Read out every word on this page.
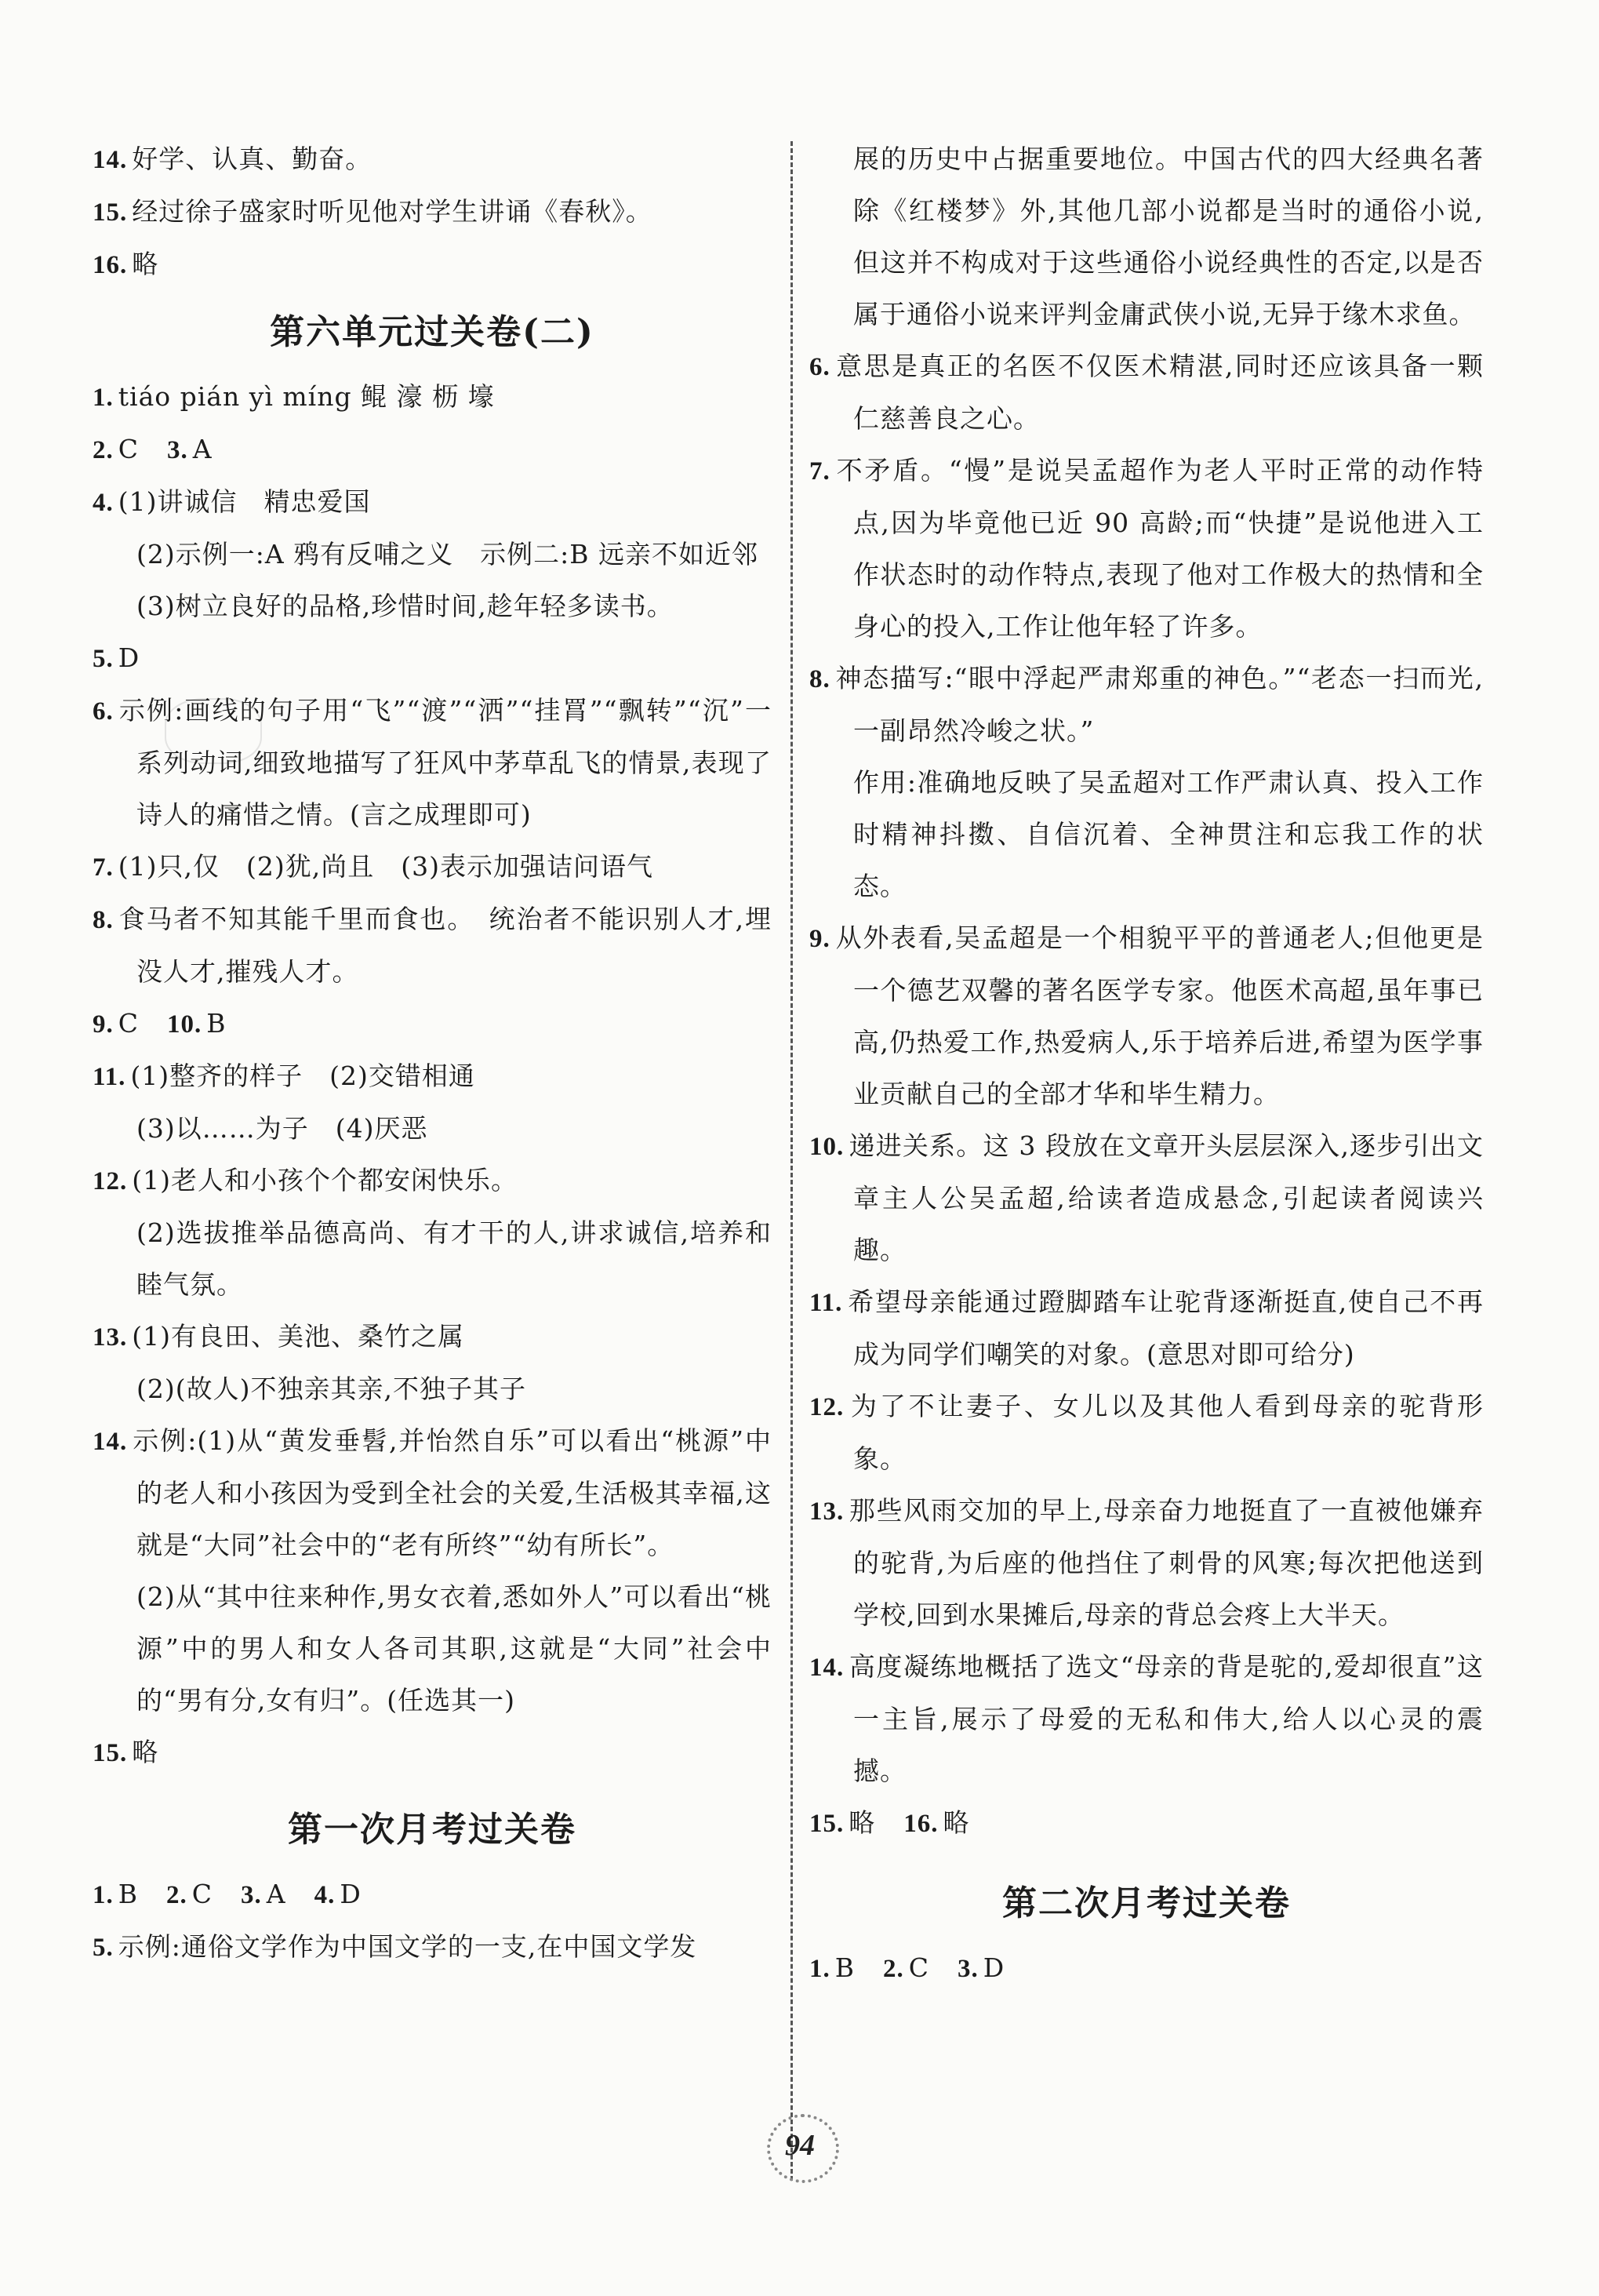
14. 好学、认真、勤奋。

15. 经过徐子盛家时听见他对学生讲诵《春秋》。

16. 略

第六单元过关卷(二)

1. tiáo pián yì míng 鲲 濠 枥 壕

2. C 3. A

4. (1)讲诚信　精忠爱国

(2)示例一:A 鸦有反哺之义　示例二:B 远亲不如近邻

(3)树立良好的品格,珍惜时间,趁年轻多读书。

5. D

6. 示例:画线的句子用“飞”“渡”“洒”“挂罥”“飘转”“沉”一系列动词,细致地描写了狂风中茅草乱飞的情景,表现了诗人的痛惜之情。(言之成理即可)

7. (1)只,仅　(2)犹,尚且　(3)表示加强诘问语气

8. 食马者不知其能千里而食也。　统治者不能识别人才,埋没人才,摧残人才。

9. C 10. B

11. (1)整齐的样子　(2)交错相通

(3)以……为子　(4)厌恶

12. (1)老人和小孩个个都安闲快乐。

(2)选拔推举品德高尚、有才干的人,讲求诚信,培养和睦气氛。

13. (1)有良田、美池、桑竹之属

(2)(故人)不独亲其亲,不独子其子

14. 示例:(1)从“黄发垂髫,并怡然自乐”可以看出“桃源”中的老人和小孩因为受到全社会的关爱,生活极其幸福,这就是“大同”社会中的“老有所终”“幼有所长”。

(2)从“其中往来种作,男女衣着,悉如外人”可以看出“桃源”中的男人和女人各司其职,这就是“大同”社会中的“男有分,女有归”。(任选其一)

15. 略

第一次月考过关卷

1. B 2. C 3. A 4. D

5. 示例:通俗文学作为中国文学的一支,在中国文学发

展的历史中占据重要地位。中国古代的四大经典名著除《红楼梦》外,其他几部小说都是当时的通俗小说,但这并不构成对于这些通俗小说经典性的否定,以是否属于通俗小说来评判金庸武侠小说,无异于缘木求鱼。

6. 意思是真正的名医不仅医术精湛,同时还应该具备一颗仁慈善良之心。

7. 不矛盾。“慢”是说吴孟超作为老人平时正常的动作特点,因为毕竟他已近 90 高龄;而“快捷”是说他进入工作状态时的动作特点,表现了他对工作极大的热情和全身心的投入,工作让他年轻了许多。

8. 神态描写:“眼中浮起严肃郑重的神色。”“老态一扫而光,一副昂然冷峻之状。”

作用:准确地反映了吴孟超对工作严肃认真、投入工作时精神抖擞、自信沉着、全神贯注和忘我工作的状态。

9. 从外表看,吴孟超是一个相貌平平的普通老人;但他更是一个德艺双馨的著名医学专家。他医术高超,虽年事已高,仍热爱工作,热爱病人,乐于培养后进,希望为医学事业贡献自己的全部才华和毕生精力。

10. 递进关系。这 3 段放在文章开头层层深入,逐步引出文章主人公吴孟超,给读者造成悬念,引起读者阅读兴趣。

11. 希望母亲能通过蹬脚踏车让驼背逐渐挺直,使自己不再成为同学们嘲笑的对象。(意思对即可给分)

12. 为了不让妻子、女儿以及其他人看到母亲的驼背形象。

13. 那些风雨交加的早上,母亲奋力地挺直了一直被他嫌弃的驼背,为后座的他挡住了刺骨的风寒;每次把他送到学校,回到水果摊后,母亲的背总会疼上大半天。

14. 高度凝练地概括了选文“母亲的背是驼的,爱却很直”这一主旨,展示了母爱的无私和伟大,给人以心灵的震撼。

15. 略 16. 略

第二次月考过关卷

1. B 2. C 3. D

94
